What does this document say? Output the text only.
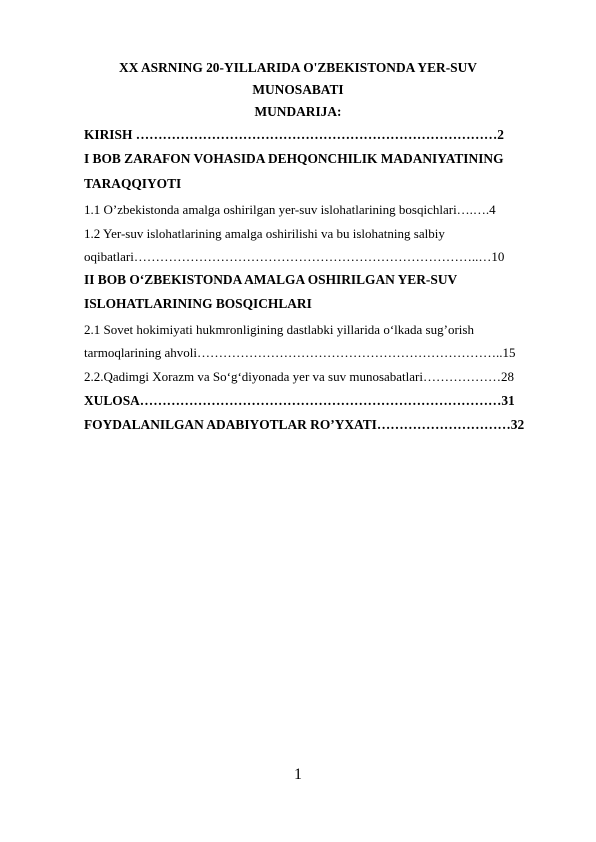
XX ASRNING 20-YILLARIDA O'ZBEKISTONDA YER-SUV
MUNOSABATI
MUNDARIJA:
KIRISH ………………………………………………………………………2
I BOB ZARAFON VOHASIDA DEHQONCHILIK MADANIYATINING
TARAQQIYOTI
1.1 O’zbekistonda amalga oshirilgan yer-suv islohatlarining bosqichlari….….4
1.2 Yer-suv islohatlarining amalga oshirilishi va bu islohatning salbiy
oqibatlari……………………………………………………………………..…10
II BOB O‘ZBEKISTONDA AMALGA OSHIRILGAN YER-SUV
ISLOHATLARINING BOSQICHLARI
2.1 Sovet hokimiyati hukmronligining dastlabki yillarida o‘lkada sug’orish
tarmoqlarining ahvoli……………………………………………………………..15
2.2.Qadimgi Xorazm va So‘g‘diyonada yer va suv munosabatlari………………28
XULOSA………………………………………………………………………31
FOYDALANILGAN ADABIYOTLAR RO’YXATI…………………………32
1
